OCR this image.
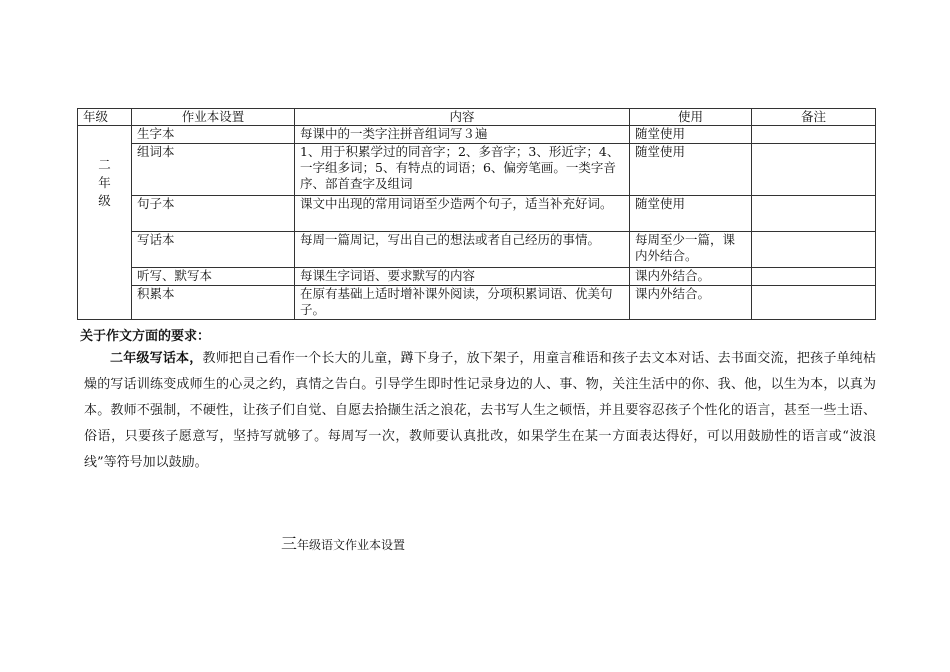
年级	作业本设置	内容	使用	备注

二
年
级	生字本	每课中的一类字注拼音组词写３遍	随堂使用	
	组词本	1、用于积累学过的同音字；2、多音字；3、形近字；4、一字组多词；5、有特点的词语；6、偏旁笔画。一类字音序、部首查字及组词	随堂使用	
	句子本	课文中出现的常用词语至少造两个句子，适当补充好词。	随堂使用	
	写话本	每周一篇周记，写出自己的想法或者自己经历的事情。	每周至少一篇，课内外结合。	
	听写、默写本	每课生字词语、要求默写的内容	课内外结合。	
	积累本	在原有基础上适时增补课外阅读，分项积累词语、优美句子。	课内外结合。	
关于作文方面的要求：
二年级写话本，教师把自己看作一个长大的儿童，蹲下身子，放下架子，用童言稚语和孩子去文本对话、去书面交流，把孩子单纯枯燥的写话训练变成师生的心灵之约，真情之告白。引导学生即时性记录身边的人、事、物，关注生活中的你、我、他，以生为本，以真为本。教师不强制，不硬性，让孩子们自觉、自愿去拾撷生活之浪花，去书写人生之顿悟，并且要容忍孩子个性化的语言，甚至一些土语、俗语，只要孩子愿意写，坚持写就够了。每周写一次，教师要认真批改，如果学生在某一方面表达得好，可以用鼓励性的语言或“波浪线”等符号加以鼓励。
三年级语文作业本设置
